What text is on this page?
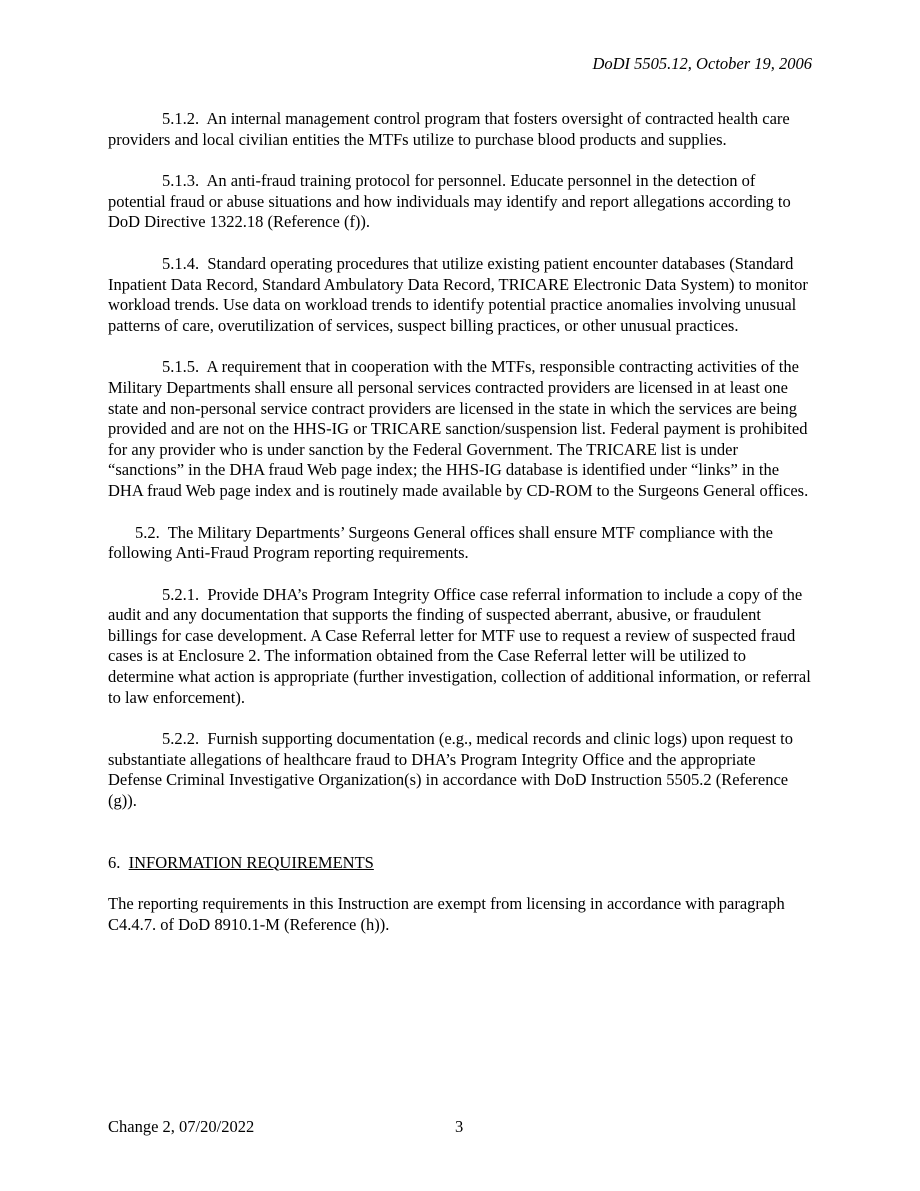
DoDI 5505.12, October 19, 2006

5.1.2. An internal management control program that fosters oversight of contracted health care providers and local civilian entities the MTFs utilize to purchase blood products and supplies.

5.1.3. An anti-fraud training protocol for personnel. Educate personnel in the detection of potential fraud or abuse situations and how individuals may identify and report allegations according to DoD Directive 1322.18 (Reference (f)).

5.1.4. Standard operating procedures that utilize existing patient encounter databases (Standard Inpatient Data Record, Standard Ambulatory Data Record, TRICARE Electronic Data System) to monitor workload trends. Use data on workload trends to identify potential practice anomalies involving unusual patterns of care, overutilization of services, suspect billing practices, or other unusual practices.

5.1.5. A requirement that in cooperation with the MTFs, responsible contracting activities of the Military Departments shall ensure all personal services contracted providers are licensed in at least one state and non-personal service contract providers are licensed in the state in which the services are being provided and are not on the HHS-IG or TRICARE sanction/suspension list. Federal payment is prohibited for any provider who is under sanction by the Federal Government. The TRICARE list is under “sanctions” in the DHA fraud Web page index; the HHS-IG database is identified under “links” in the DHA fraud Web page index and is routinely made available by CD-ROM to the Surgeons General offices.

5.2. The Military Departments’ Surgeons General offices shall ensure MTF compliance with the following Anti-Fraud Program reporting requirements.

5.2.1. Provide DHA’s Program Integrity Office case referral information to include a copy of the audit and any documentation that supports the finding of suspected aberrant, abusive, or fraudulent billings for case development. A Case Referral letter for MTF use to request a review of suspected fraud cases is at Enclosure 2. The information obtained from the Case Referral letter will be utilized to determine what action is appropriate (further investigation, collection of additional information, or referral to law enforcement).

5.2.2. Furnish supporting documentation (e.g., medical records and clinic logs) upon request to substantiate allegations of healthcare fraud to DHA’s Program Integrity Office and the appropriate Defense Criminal Investigative Organization(s) in accordance with DoD Instruction 5505.2 (Reference (g)).

6. INFORMATION REQUIREMENTS

The reporting requirements in this Instruction are exempt from licensing in accordance with paragraph C4.4.7. of DoD 8910.1-M (Reference (h)).

Change 2, 07/20/2022	3
